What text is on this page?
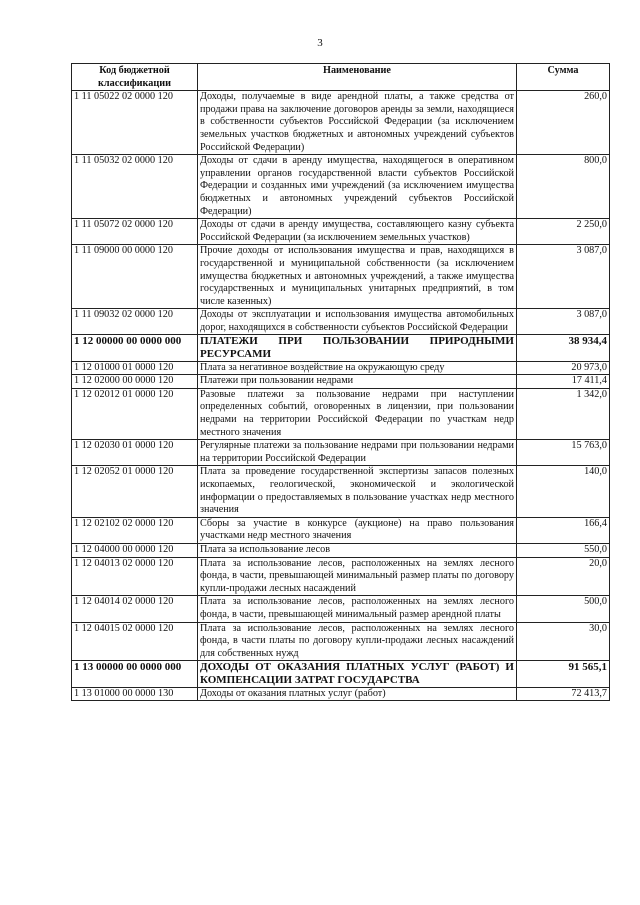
3
Код бюджетной классификации	Наименование	Сумма
1 11 05022 02 0000 120	Доходы, получаемые в виде арендной платы, а также средства от продажи права на заключение договоров аренды за земли, находящиеся в собственности субъектов Российской Федерации (за исключением земельных участков бюджетных и автономных учреждений субъектов Российской Федерации)	260,0
1 11 05032 02 0000 120	Доходы от сдачи в аренду имущества, находящегося в оперативном управлении органов государственной власти субъектов Российской Федерации и созданных ими учреждений (за исключением имущества бюджетных и автономных учреждений субъектов Российской Федерации)	800,0
1 11 05072 02 0000 120	Доходы от сдачи в аренду имущества, составляющего казну субъекта Российской Федерации (за исключением земельных участков)	2 250,0
1 11 09000 00 0000 120	Прочие доходы от использования имущества и прав, находящихся в государственной и муниципальной собственности (за исключением имущества бюджетных и автономных учреждений, а также имущества государственных и муниципальных унитарных предприятий, в том числе казенных)	3 087,0
1 11 09032 02 0000 120	Доходы от эксплуатации и использования имущества автомобильных дорог, находящихся в собственности субъектов Российской Федерации	3 087,0
1 12 00000 00 0000 000	ПЛАТЕЖИ ПРИ ПОЛЬЗОВАНИИ ПРИРОДНЫМИ РЕСУРСАМИ	38 934,4
1 12 01000 01 0000 120	Плата за негативное воздействие на окружающую среду	20 973,0
1 12 02000 00 0000 120	Платежи при пользовании недрами	17 411,4
1 12 02012 01 0000 120	Разовые платежи за пользование недрами при наступлении определенных событий, оговоренных в лицензии, при пользовании недрами на территории Российской Федерации по участкам недр местного значения	1 342,0
1 12 02030 01 0000 120	Регулярные платежи за пользование недрами при пользовании недрами на территории Российской Федерации	15 763,0
1 12 02052 01 0000 120	Плата за проведение государственной экспертизы запасов полезных ископаемых, геологической, экономической и экологической информации о предоставляемых в пользование участках недр местного значения	140,0
1 12 02102 02 0000 120	Сборы за участие в конкурсе (аукционе) на право пользования участками недр местного значения	166,4
1 12 04000 00 0000 120	Плата за использование лесов	550,0
1 12 04013 02 0000 120	Плата за использование лесов, расположенных на землях лесного фонда, в части, превышающей минимальный размер платы по договору купли-продажи лесных насаждений	20,0
1 12 04014 02 0000 120	Плата за использование лесов, расположенных на землях лесного фонда, в части, превышающей минимальный размер арендной платы	500,0
1 12 04015 02 0000 120	Плата за использование лесов, расположенных на землях лесного фонда, в части платы по договору купли-продажи лесных насаждений для собственных нужд	30,0
1 13 00000 00 0000 000	ДОХОДЫ ОТ ОКАЗАНИЯ ПЛАТНЫХ УСЛУГ (РАБОТ) И КОМПЕНСАЦИИ ЗАТРАТ ГОСУДАРСТВА	91 565,1
1 13 01000 00 0000 130	Доходы от оказания платных услуг (работ)	72 413,7
